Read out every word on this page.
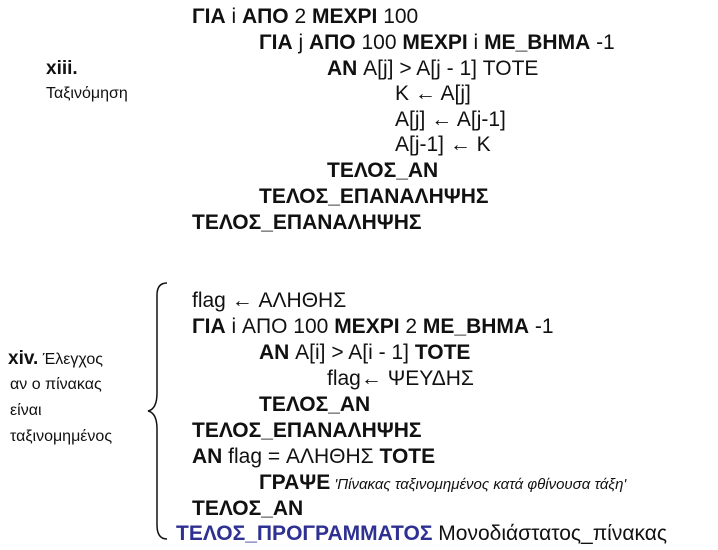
xiii.
Ταξινόμηση
ΓΙΑ i ΑΠΟ 2 ΜΕΧΡΙ 100
ΓΙΑ j ΑΠΟ 100 ΜΕΧΡΙ i ΜΕ_ΒΗΜΑ -1
ΑΝ A[j] > A[j - 1] ΤΟΤΕ
K ← A[j]
A[j] ← A[j-1]
A[j-1] ← K
ΤΕΛΟΣ_ΑΝ
ΤΕΛΟΣ_ΕΠΑΝΑΛΗΨΗΣ
ΤΕΛΟΣ_ΕΠΑΝΑΛΗΨΗΣ
xiv. Έλεγχος
αν ο πίνακας
είναι
ταξινομημένος
flag ← ΑΛΗΘΗΣ
ΓΙΑ i ΑΠΟ 100 ΜΕΧΡΙ 2 ΜΕ_ΒΗΜΑ -1
ΑΝ A[i] > A[i - 1] ΤΟΤΕ
flag← ΨΕΥΔΗΣ
ΤΕΛΟΣ_ΑΝ
ΤΕΛΟΣ_ΕΠΑΝΑΛΗΨΗΣ
ΑΝ flag = ΑΛΗΘΗΣ ΤΟΤΕ
ΓΡΑΨΕ 'Πίνακας ταξινομημένος κατά φθίνουσα τάξη'
ΤΕΛΟΣ_ΑΝ
ΤΕΛΟΣ_ΠΡΟΓΡΑΜΜΑΤΟΣ Μονοδιάστατος_πίνακας
